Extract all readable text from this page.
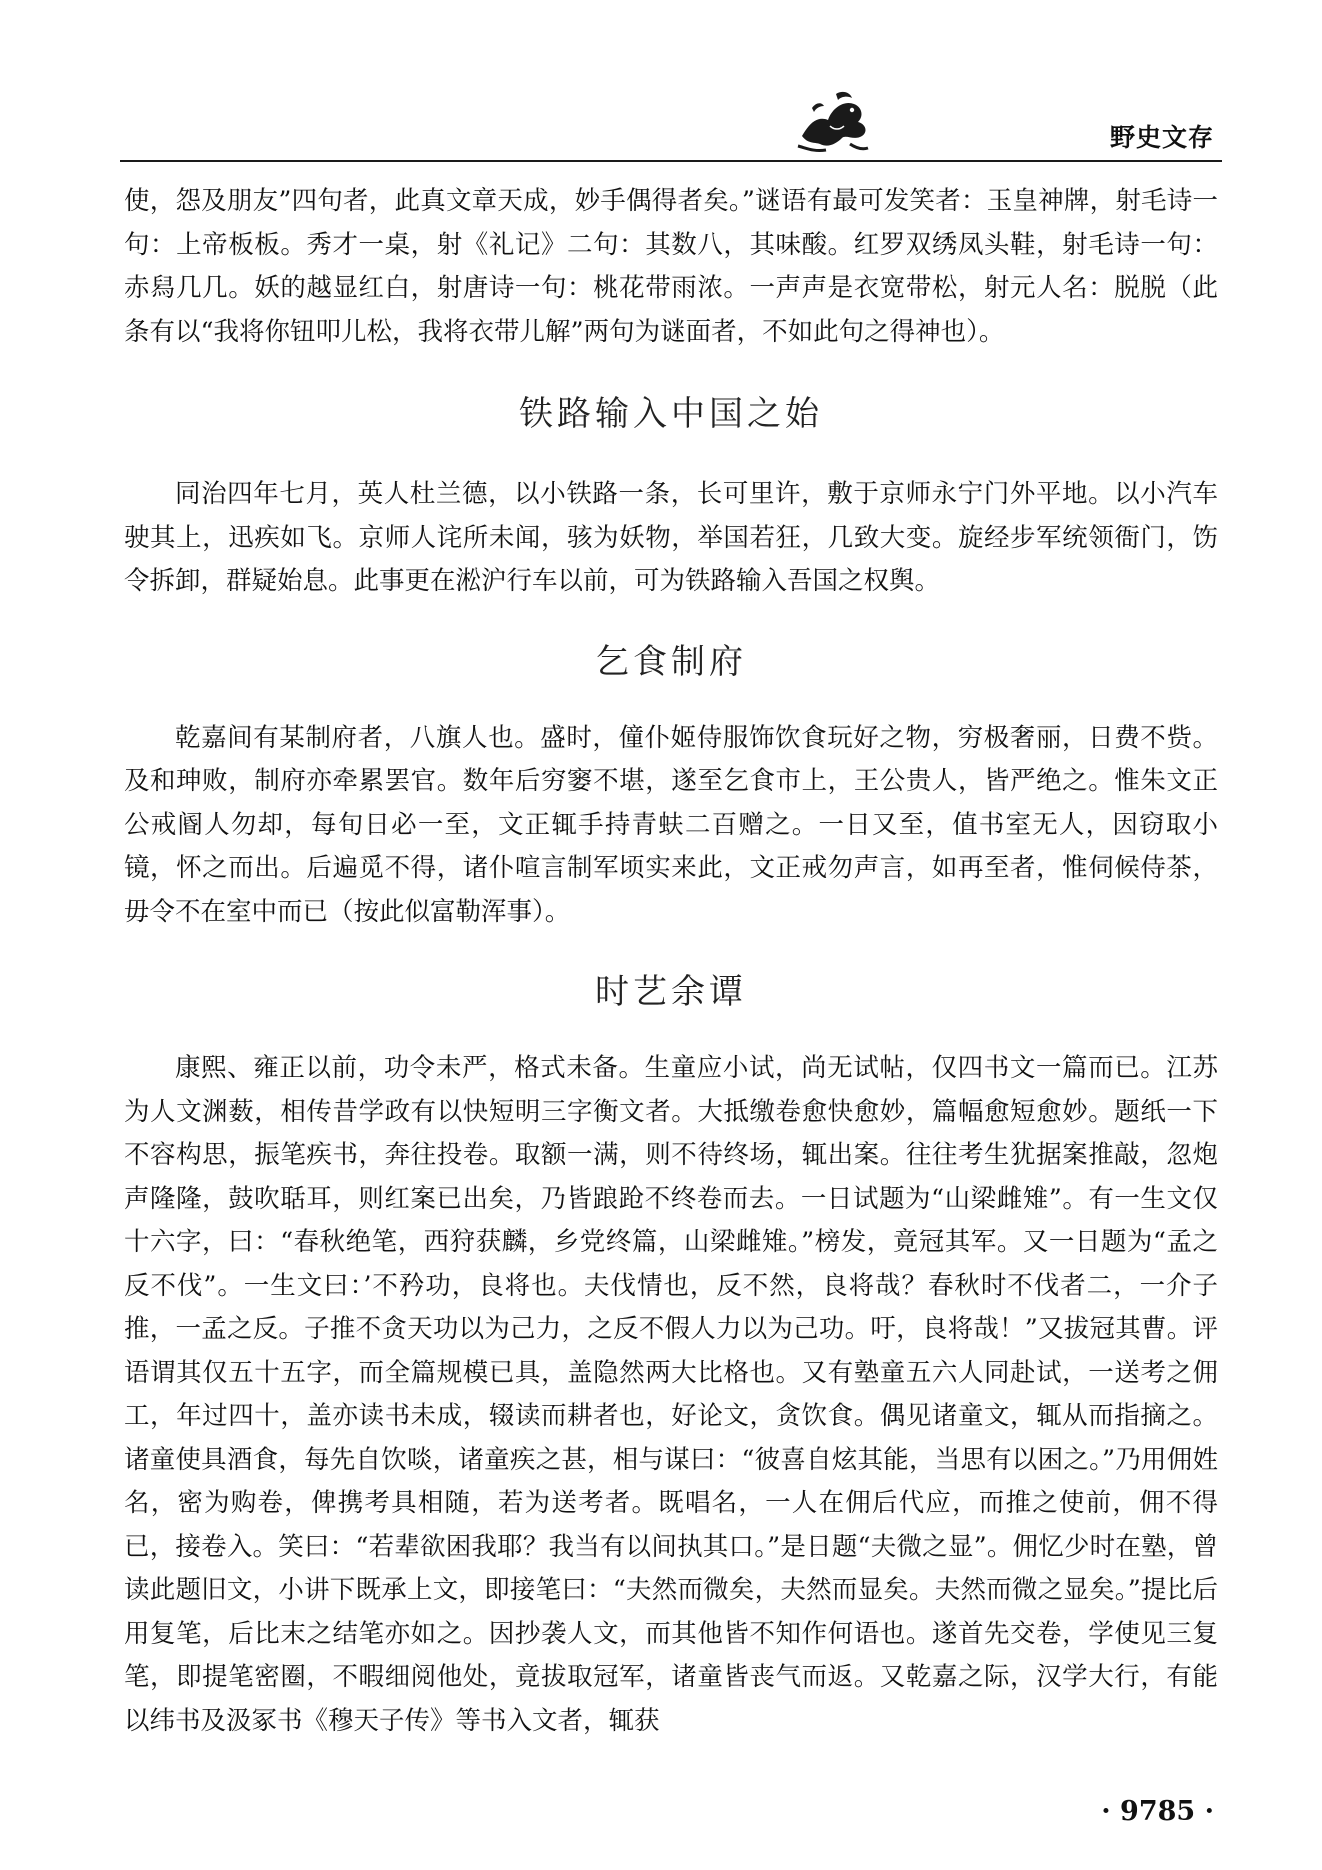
野史文存

使，怨及朋友”四句者，此真文章天成，妙手偶得者矣。”谜语有最可发笑者：玉皇神牌，射毛诗一句：上帝板板。秀才一桌，射《礼记》二句：其数八，其味酸。红罗双绣凤头鞋，射毛诗一句：赤舄几几。妖的越显红白，射唐诗一句：桃花带雨浓。一声声是衣宽带松，射元人名：脱脱（此条有以“我将你钮叩儿松，我将衣带儿解”两句为谜面者，不如此句之得神也）。

铁路输入中国之始

同治四年七月，英人杜兰德，以小铁路一条，长可里许，敷于京师永宁门外平地。以小汽车驶其上，迅疾如飞。京师人诧所未闻，骇为妖物，举国若狂，几致大变。旋经步军统领衙门，饬令拆卸，群疑始息。此事更在淞沪行车以前，可为铁路输入吾国之权舆。

乞食制府

乾嘉间有某制府者，八旗人也。盛时，僮仆姬侍服饰饮食玩好之物，穷极奢丽，日费不赀。及和珅败，制府亦牵累罢官。数年后穷窭不堪，遂至乞食市上，王公贵人，皆严绝之。惟朱文正公戒阍人勿却，每旬日必一至，文正辄手持青蚨二百赠之。一日又至，值书室无人，因窃取小镜，怀之而出。后遍觅不得，诸仆喧言制军顷实来此，文正戒勿声言，如再至者，惟伺候侍茶，毋令不在室中而已（按此似富勒浑事）。

时艺余谭

康熙、雍正以前，功令未严，格式未备。生童应小试，尚无试帖，仅四书文一篇而已。江苏为人文渊薮，相传昔学政有以快短明三字衡文者。大抵缴卷愈快愈妙，篇幅愈短愈妙。题纸一下不容构思，振笔疾书，奔往投卷。取额一满，则不待终场，辄出案。往往考生犹据案推敲，忽炮声隆隆，鼓吹聒耳，则红案已出矣，乃皆踉跄不终卷而去。一日试题为“山梁雌雉”。有一生文仅十六字，曰：“春秋绝笔，西狩获麟，乡党终篇，山梁雌雉。”榜发，竟冠其军。又一日题为“孟之反不伐”。一生文曰：’不矜功，良将也。夫伐情也，反不然，良将哉？春秋时不伐者二，一介子推，一孟之反。子推不贪天功以为己力，之反不假人力以为己功。吁，良将哉！”又拔冠其曹。评语谓其仅五十五字，而全篇规模已具，盖隐然两大比格也。又有塾童五六人同赴试，一送考之佣工，年过四十，盖亦读书未成，辍读而耕者也，好论文，贪饮食。偶见诸童文，辄从而指摘之。诸童使具酒食，每先自饮啖，诸童疾之甚，相与谋曰：“彼喜自炫其能，当思有以困之。”乃用佣姓名，密为购卷，俾携考具相随，若为送考者。既唱名，一人在佣后代应，而推之使前，佣不得已，接卷入。笑曰：“若辈欲困我耶？我当有以间执其口。”是日题“夫微之显”。佣忆少时在塾，曾读此题旧文，小讲下既承上文，即接笔曰：“夫然而微矣，夫然而显矣。夫然而微之显矣。”提比后用复笔，后比末之结笔亦如之。因抄袭人文，而其他皆不知作何语也。遂首先交卷，学使见三复笔，即提笔密圈，不暇细阅他处，竟拔取冠军，诸童皆丧气而返。又乾嘉之际，汉学大行，有能以纬书及汲冢书《穆天子传》等书入文者，辄获

· 9785 ·
